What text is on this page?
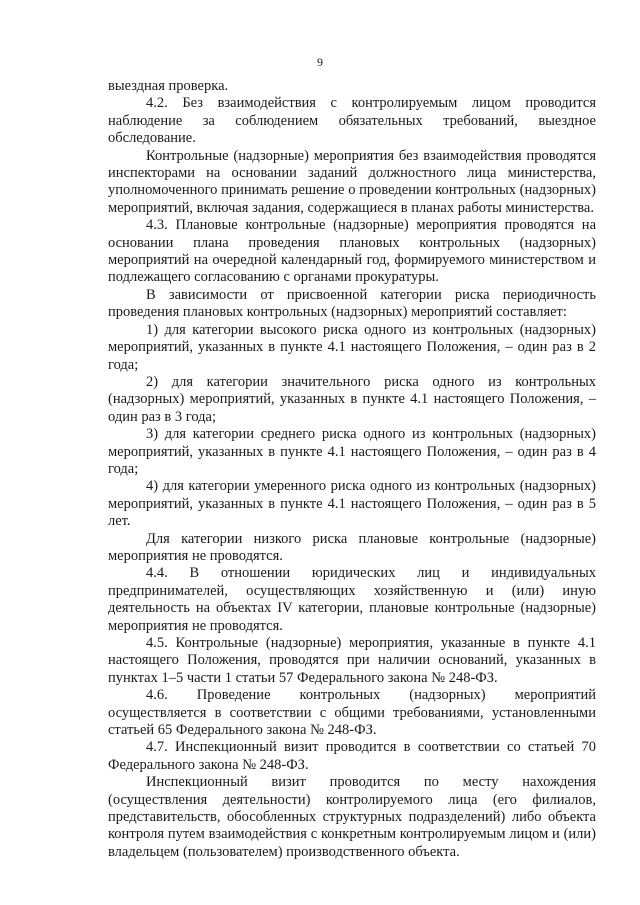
9

выездная проверка.

4.2. Без взаимодействия с контролируемым лицом проводится наблюдение за соблюдением обязательных требований, выездное обследование.

Контрольные (надзорные) мероприятия без взаимодействия проводятся инспекторами на основании заданий должностного лица министерства, уполномоченного принимать решение о проведении контрольных (надзорных) мероприятий, включая задания, содержащиеся в планах работы министерства.

4.3. Плановые контрольные (надзорные) мероприятия проводятся на основании плана проведения плановых контрольных (надзорных) мероприятий на очередной календарный год, формируемого министерством и подлежащего согласованию с органами прокуратуры.

В зависимости от присвоенной категории риска периодичность проведения плановых контрольных (надзорных) мероприятий составляет:

1) для категории высокого риска одного из контрольных (надзорных) мероприятий, указанных в пункте 4.1 настоящего Положения, – один раз в 2 года;

2) для категории значительного риска одного из контрольных (надзорных) мероприятий, указанных в пункте 4.1 настоящего Положения, – один раз в 3 года;

3) для категории среднего риска одного из контрольных (надзорных) мероприятий, указанных в пункте 4.1 настоящего Положения, – один раз в 4 года;

4) для категории умеренного риска одного из контрольных (надзорных) мероприятий, указанных в пункте 4.1 настоящего Положения, – один раз в 5 лет.

Для категории низкого риска плановые контрольные (надзорные) мероприятия не проводятся.

4.4. В отношении юридических лиц и индивидуальных предпринимателей, осуществляющих хозяйственную и (или) иную деятельность на объектах IV категории, плановые контрольные (надзорные) мероприятия не проводятся.

4.5. Контрольные (надзорные) мероприятия, указанные в пункте 4.1 настоящего Положения, проводятся при наличии оснований, указанных в пунктах 1–5 части 1 статьи 57 Федерального закона № 248-ФЗ.

4.6. Проведение контрольных (надзорных) мероприятий осуществляется в соответствии с общими требованиями, установленными статьей 65 Федерального закона № 248-ФЗ.

4.7. Инспекционный визит проводится в соответствии со статьей 70 Федерального закона № 248-ФЗ.

Инспекционный визит проводится по месту нахождения (осуществления деятельности) контролируемого лица (его филиалов, представительств, обособленных структурных подразделений) либо объекта контроля путем взаимодействия с конкретным контролируемым лицом и (или) владельцем (пользователем) производственного объекта.
